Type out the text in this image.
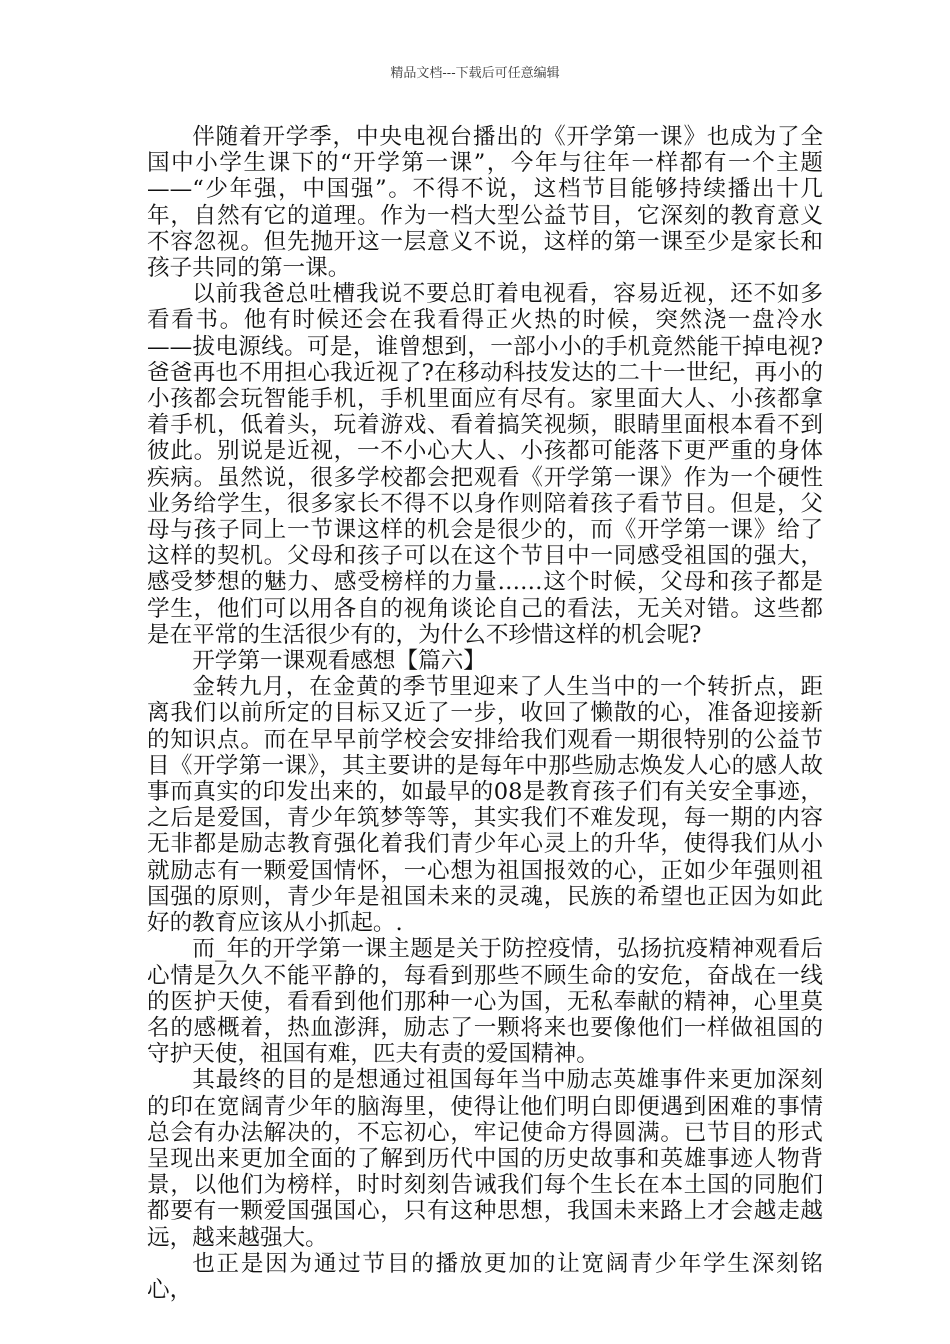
精品文档---下载后可任意编辑

伴随着开学季，中央电视台播出的《开学第一课》也成为了全国中小学生课下的“开学第一课”，今年与往年一样都有一个主题——“少年强，中国强”。不得不说，这档节目能够持续播出十几年，自然有它的道理。作为一档大型公益节目，它深刻的教育意义不容忽视。但先抛开这一层意义不说，这样的第一课至少是家长和孩子共同的第一课。

以前我爸总吐槽我说不要总盯着电视看，容易近视，还不如多看看书。他有时候还会在我看得正火热的时候，突然浇一盘冷水——拔电源线。可是，谁曾想到，一部小小的手机竟然能干掉电视?爸爸再也不用担心我近视了?在移动科技发达的二十一世纪，再小的小孩都会玩智能手机，手机里面应有尽有。家里面大人、小孩都拿着手机，低着头，玩着游戏、看着搞笑视频，眼睛里面根本看不到彼此。别说是近视，一不小心大人、小孩都可能落下更严重的身体疾病。虽然说，很多学校都会把观看《开学第一课》作为一个硬性业务给学生，很多家长不得不以身作则陪着孩子看节目。但是，父母与孩子同上一节课这样的机会是很少的，而《开学第一课》给了这样的契机。父母和孩子可以在这个节目中一同感受祖国的强大，感受梦想的魅力、感受榜样的力量……这个时候，父母和孩子都是学生，他们可以用各自的视角谈论自己的看法，无关对错。这些都是在平常的生活很少有的，为什么不珍惜这样的机会呢?

开学第一课观看感想【篇六】

金转九月，在金黄的季节里迎来了人生当中的一个转折点，距离我们以前所定的目标又近了一步，收回了懒散的心，准备迎接新的知识点。而在早早前学校会安排给我们观看一期很特别的公益节目《开学第一课》，其主要讲的是每年中那些励志焕发人心的感人故事而真实的印发出来的，如最早的08是教育孩子们有关安全事迹，之后是爱国，青少年筑梦等等，其实我们不难发现，每一期的内容无非都是励志教育强化着我们青少年心灵上的升华，使得我们从小就励志有一颗爱国情怀，一心想为祖国报效的心，正如少年强则祖国强的原则，青少年是祖国未来的灵魂，民族的希望也正因为如此好的教育应该从小抓起。.

而_年的开学第一课主题是关于防控疫情，弘扬抗疫精神观看后心情是久久不能平静的，每看到那些不顾生命的安危，奋战在一线的医护天使，看看到他们那种一心为国，无私奉献的精神，心里莫名的感概着，热血澎湃，励志了一颗将来也要像他们一样做祖国的守护天使，祖国有难，匹夫有责的爱国精神。

其最终的目的是想通过祖国每年当中励志英雄事件来更加深刻的印在宽阔青少年的脑海里，使得让他们明白即便遇到困难的事情总会有办法解决的，不忘初心，牢记使命方得圆满。已节目的形式呈现出来更加全面的了解到历代中国的历史故事和英雄事迹人物背景，以他们为榜样，时时刻刻告诫我们每个生长在本土国的同胞们都要有一颗爱国强国心，只有这种思想，我国未来路上才会越走越远，越来越强大。

也正是因为通过节目的播放更加的让宽阔青少年学生深刻铭心，
